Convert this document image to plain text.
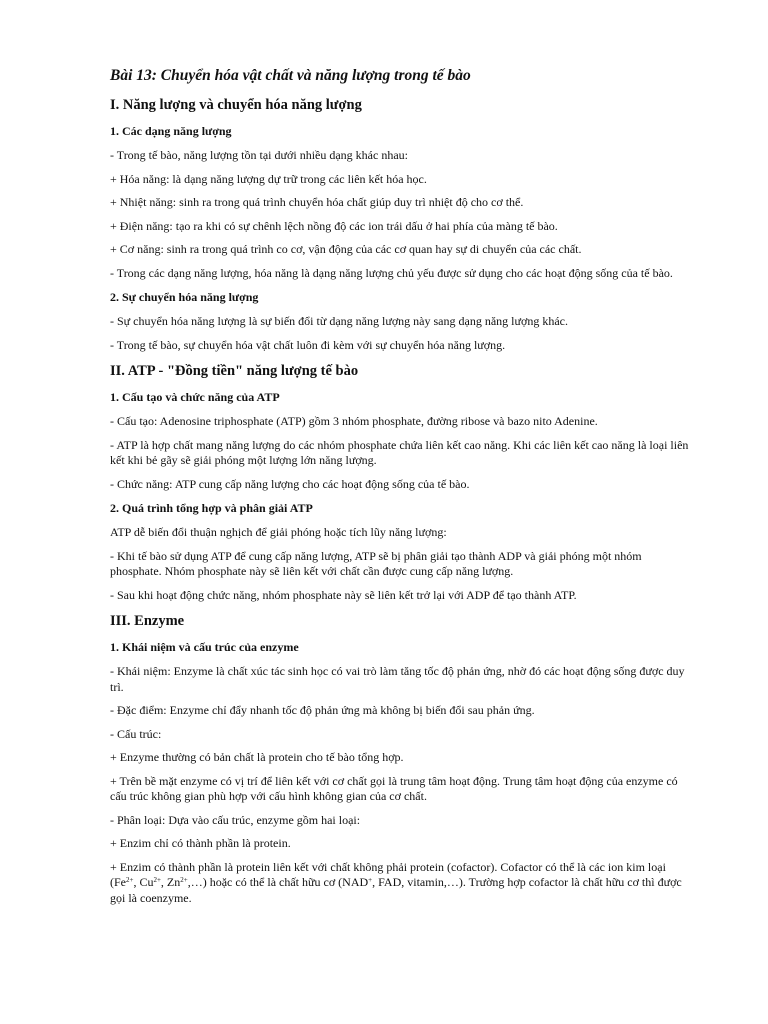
Bài 13: Chuyển hóa vật chất và năng lượng trong tế bào
I. Năng lượng và chuyển hóa năng lượng
1. Các dạng năng lượng
- Trong tế bào, năng lượng tồn tại dưới nhiều dạng khác nhau:
+ Hóa năng: là dạng năng lượng dự trữ trong các liên kết hóa học.
+ Nhiệt năng: sinh ra trong quá trình chuyển hóa chất giúp duy trì nhiệt độ cho cơ thể.
+ Điện năng: tạo ra khi có sự chênh lệch nồng độ các ion trái dấu ở hai phía của màng tế bào.
+ Cơ năng: sinh ra trong quá trình co cơ, vận động của các cơ quan hay sự di chuyển của các chất.
- Trong các dạng năng lượng, hóa năng là dạng năng lượng chủ yếu được sử dụng cho các hoạt động sống của tế bào.
2. Sự chuyển hóa năng lượng
- Sự chuyển hóa năng lượng là sự biến đổi từ dạng năng lượng này sang dạng năng lượng khác.
- Trong tế bào, sự chuyển hóa vật chất luôn đi kèm với sự chuyển hóa năng lượng.
II. ATP - "Đồng tiền" năng lượng tế bào
1. Cấu tạo và chức năng của ATP
- Cấu tạo: Adenosine triphosphate (ATP) gồm 3 nhóm phosphate, đường ribose và bazo nito Adenine.
- ATP là hợp chất mang năng lượng do các nhóm phosphate chứa liên kết cao năng. Khi các liên kết cao năng là loại liên kết khi bẻ gãy sẽ giải phóng một lượng lớn năng lượng.
- Chức năng: ATP cung cấp năng lượng cho các hoạt động sống của tế bào.
2. Quá trình tổng hợp và phân giải ATP
ATP dễ biến đổi thuận nghịch để giải phóng hoặc tích lũy năng lượng:
- Khi tế bào sử dụng ATP để cung cấp năng lượng, ATP sẽ bị phân giải tạo thành ADP và giải phóng một nhóm phosphate. Nhóm phosphate này sẽ liên kết với chất cần được cung cấp năng lượng.
- Sau khi hoạt động chức năng, nhóm phosphate này sẽ liên kết trở lại với ADP để tạo thành ATP.
III. Enzyme
1. Khái niệm và cấu trúc của enzyme
- Khái niệm: Enzyme là chất xúc tác sinh học có vai trò làm tăng tốc độ phản ứng, nhờ đó các hoạt động sống được duy trì.
- Đặc điểm: Enzyme chỉ đẩy nhanh tốc độ phản ứng mà không bị biến đổi sau phản ứng.
- Cấu trúc:
+ Enzyme thường có bản chất là protein cho tế bào tổng hợp.
+ Trên bề mặt enzyme có vị trí để liên kết với cơ chất gọi là trung tâm hoạt động. Trung tâm hoạt động của enzyme có cấu trúc không gian phù hợp với cấu hình không gian của cơ chất.
- Phân loại: Dựa vào cấu trúc, enzyme gồm hai loại:
+ Enzim chỉ có thành phần là protein.
+ Enzim có thành phần là protein liên kết với chất không phải protein (cofactor). Cofactor có thể là các ion kim loại ($Fe^{2+}$, $Cu^{2+}$, $Zn^{2+},\dots$) hoặc có thể là chất hữu cơ (NAD+, FAD, vitamin,…). Trường hợp cofactor là chất hữu cơ thì được gọi là coenzyme.
